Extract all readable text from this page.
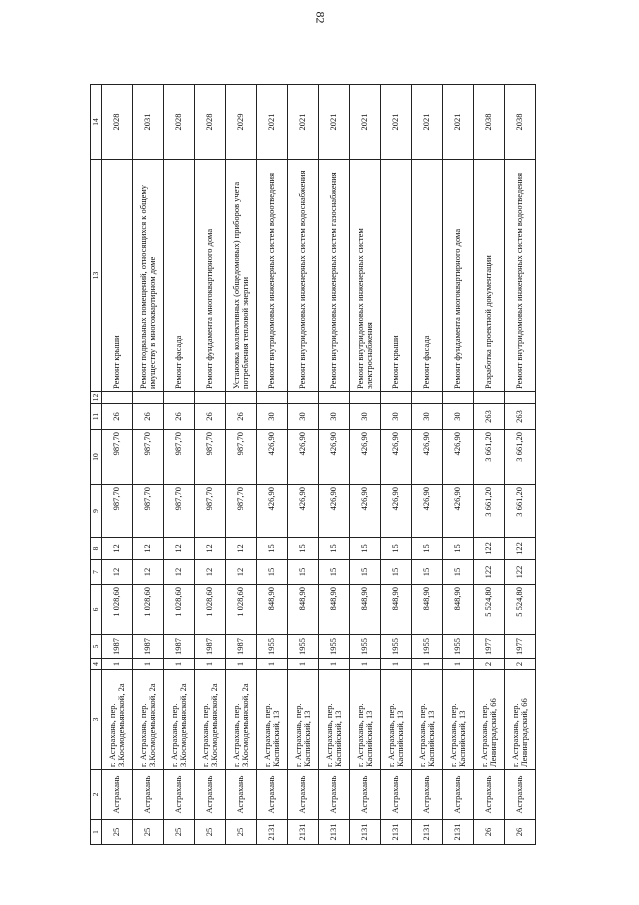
82
1	2	3	4	5	6	7	8	9	10	11	12	13	14
25	Астрахань	г. Астрахань, пер. З.Космодемьянской, 2а	1	1987	1 028,60	12	12	987,70	987,70	26		Ремонт крыши	2028
25	Астрахань	г. Астрахань, пер. З.Космодемьянской, 2а	1	1987	1 028,60	12	12	987,70	987,70	26		Ремонт подвальных помещений, относящихся к общему имуществу в многоквартирном доме	2031
25	Астрахань	г. Астрахань, пер. З.Космодемьянской, 2а	1	1987	1 028,60	12	12	987,70	987,70	26		Ремонт фасада	2028
25	Астрахань	г. Астрахань, пер. З.Космодемьянской, 2а	1	1987	1 028,60	12	12	987,70	987,70	26		Ремонт фундамента многоквартирного дома	2028
25	Астрахань	г. Астрахань, пер. З.Космодемьянской, 2а	1	1987	1 028,60	12	12	987,70	987,70	26		Установка коллективных (общедомовых) приборов учета потребления тепловой энергии	2029
2131	Астрахань	г. Астрахань, пер. Каспийский, 13	1	1955	848,90	15	15	426,90	426,90	30		Ремонт внутридомовых инженерных систем водоотведения	2021
2131	Астрахань	г. Астрахань, пер. Каспийский, 13	1	1955	848,90	15	15	426,90	426,90	30		Ремонт внутридомовых инженерных систем водоснабжения	2021
2131	Астрахань	г. Астрахань, пер. Каспийский, 13	1	1955	848,90	15	15	426,90	426,90	30		Ремонт внутридомовых инженерных систем газоснабжения	2021
2131	Астрахань	г. Астрахань, пер. Каспийский, 13	1	1955	848,90	15	15	426,90	426,90	30		Ремонт внутридомовых инженерных систем электроснабжения	2021
2131	Астрахань	г. Астрахань, пер. Каспийский, 13	1	1955	848,90	15	15	426,90	426,90	30		Ремонт крыши	2021
2131	Астрахань	г. Астрахань, пер. Каспийский, 13	1	1955	848,90	15	15	426,90	426,90	30		Ремонт фасада	2021
2131	Астрахань	г. Астрахань, пер. Каспийский, 13	1	1955	848,90	15	15	426,90	426,90	30		Ремонт фундамента многоквартирного дома	2021
26	Астрахань	г. Астрахань, пер. Ленинградский, 66	2	1977	5 524,80	122	122	3 661,20	3 661,20	263		Разработка проектной документации	2038
26	Астрахань	г. Астрахань, пер. Ленинградский, 66	2	1977	5 524,80	122	122	3 661,20	3 661,20	263		Ремонт внутридомовых инженерных систем водоотведения	2038
